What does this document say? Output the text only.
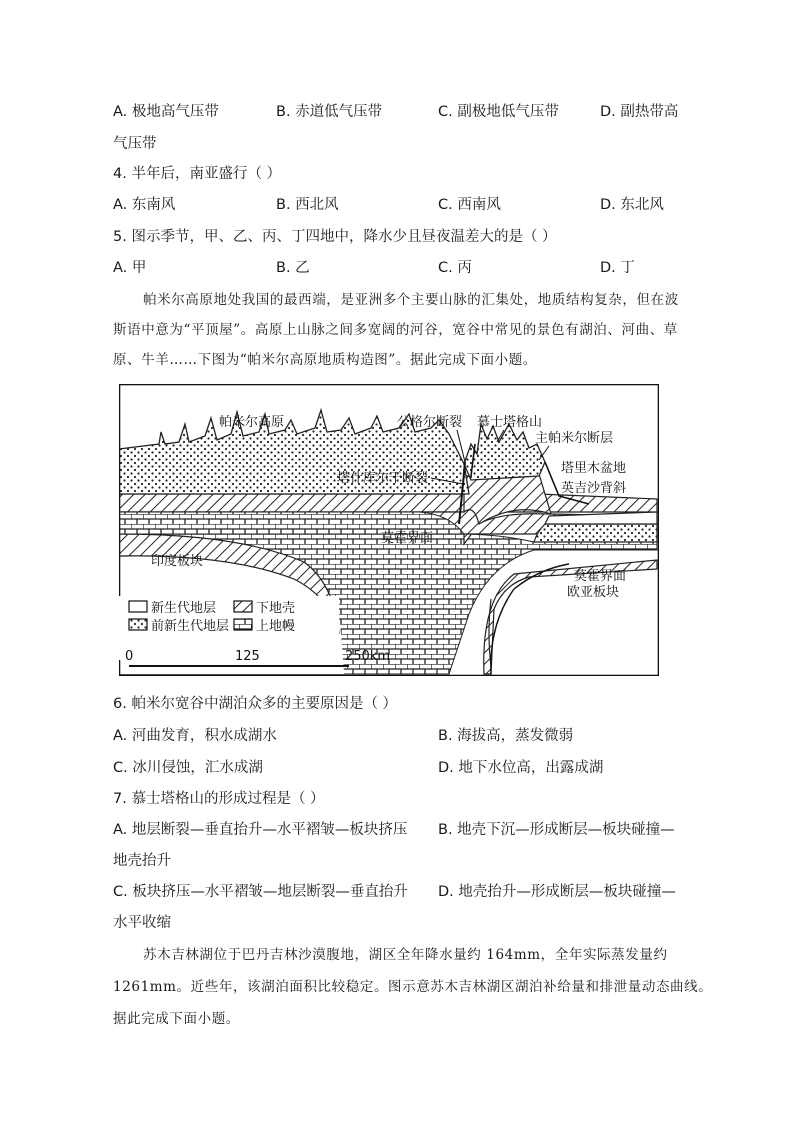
A. 极地高气压带	B. 赤道低气压带	C. 副极地低气压带	D. 副热带高
气压带
4. 半年后，南亚盛行（ ）
A. 东南风	B. 西北风	C. 西南风	D. 东北风
5. 图示季节，甲、乙、丙、丁四地中，降水少且昼夜温差大的是（ ）
A. 甲	B. 乙	C. 丙	D. 丁
帕米尔高原地处我国的最西端，是亚洲多个主要山脉的汇集处，地质结构复杂，但在波
斯语中意为“平顶屋”。高原上山脉之间多宽阔的河谷，宽谷中常见的景色有湖泊、河曲、草
原、牛羊……下图为“帕米尔高原地质构造图”。据此完成下面小题。
新生代地层	下地壳
前新生代地层 上地幔
0	125	250km
帕米尔高原	公格尔断裂 慕士塔格山
主帕米尔断层
塔什库尔干断裂
塔里木盆地
英吉沙背斜
莫霍界面
印度板块
莫霍界面
欧亚板块
6. 帕米尔宽谷中湖泊众多的主要原因是（ ）
A. 河曲发育，积水成湖水	B. 海拔高，蒸发微弱
C. 冰川侵蚀，汇水成湖	D. 地下水位高，出露成湖
7. 慕士塔格山的形成过程是（ ）
A. 地层断裂—垂直抬升—水平褶皱—板块挤压 B. 地壳下沉—形成断层—板块碰撞—
地壳抬升
C. 板块挤压—水平褶皱—地层断裂—垂直抬升 D. 地壳抬升—形成断层—板块碰撞—
水平收缩
苏木吉林湖位于巴丹吉林沙漠腹地，湖区全年降水量约 164mm，全年实际蒸发量约
1261mm。近些年，该湖泊面积比较稳定。图示意苏木吉林湖区湖泊补给量和排泄量动态曲线。
据此完成下面小题。
